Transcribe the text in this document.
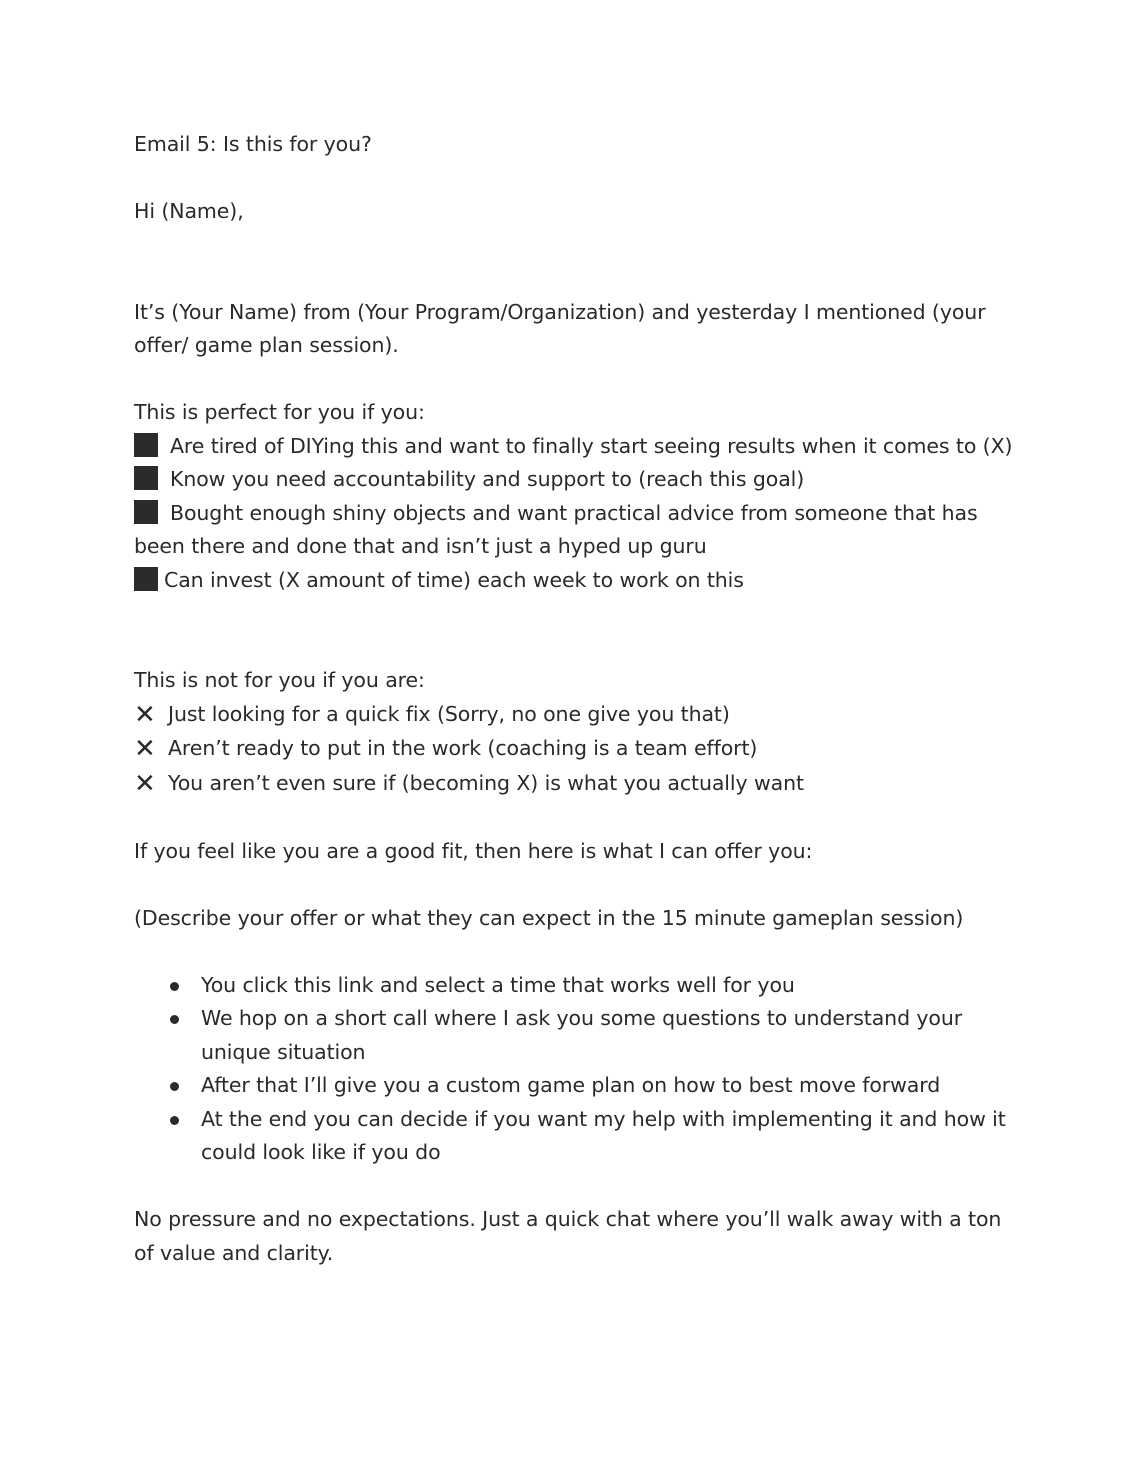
Email 5: Is this for you?

Hi (Name),

It’s (Your Name) from (Your Program/Organization) and yesterday I mentioned (your offer/ game plan session).

This is perfect for you if you:

Are tired of DIYing this and want to finally start seeing results when it comes to (X)

Know you need accountability and support to (reach this goal)

Bought enough shiny objects and want practical advice from someone that has been there and done that and isn’t just a hyped up guru

Can invest (X amount of time) each week to work on this

This is not for you if you are:

✕ Just looking for a quick fix (Sorry, no one give you that)

✕ Aren’t ready to put in the work (coaching is a team effort)

✕ You aren’t even sure if (becoming X) is what you actually want

If you feel like you are a good fit, then here is what I can offer you:

(Describe your offer or what they can expect in the 15 minute gameplan session)

You click this link and select a time that works well for you
We hop on a short call where I ask you some questions to understand your unique situation
After that I’ll give you a custom game plan on how to best move forward
At the end you can decide if you want my help with implementing it and how it could look like if you do

No pressure and no expectations. Just a quick chat where you’ll walk away with a ton of value and clarity.
